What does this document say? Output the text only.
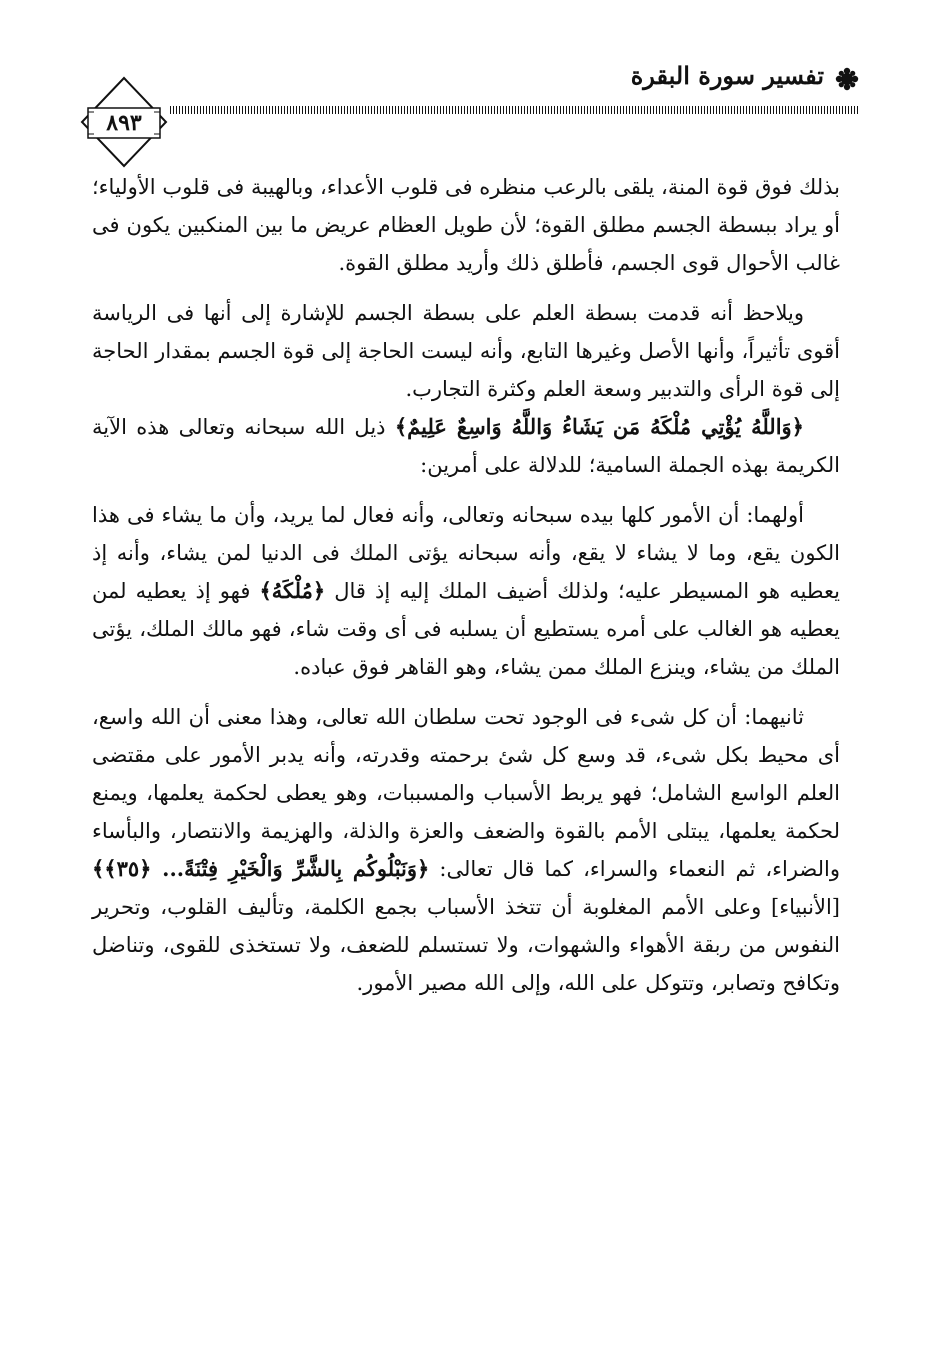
تفسير سورة البقرة
٨٩٣

بذلك فوق قوة المنة، يلقى بالرعب منظره فى قلوب الأعداء، وبالهيبة فى قلوب الأولياء؛ أو يراد ببسطة الجسم مطلق القوة؛ لأن طويل العظام عريض ما بين المنكبين يكون فى غالب الأحوال قوى الجسم، فأطلق ذلك وأريد مطلق القوة.

ويلاحظ أنه قدمت بسطة العلم على بسطة الجسم للإشارة إلى أنها فى الرياسة أقوى تأثيراً، وأنها الأصل وغيرها التابع، وأنه ليست الحاجة إلى قوة الجسم بمقدار الحاجة إلى قوة الرأى والتدبير وسعة العلم وكثرة التجارب.

﴿وَاللَّهُ يُؤْتِي مُلْكَهُ مَن يَشَاءُ وَاللَّهُ وَاسِعٌ عَلِيمٌ﴾ ذيل الله سبحانه وتعالى هذه الآية الكريمة بهذه الجملة السامية؛ للدلالة على أمرين:

أولهما: أن الأمور كلها بيده سبحانه وتعالى، وأنه فعال لما يريد، وأن ما يشاء فى هذا الكون يقع، وما لا يشاء لا يقع، وأنه سبحانه يؤتى الملك فى الدنيا لمن يشاء، وأنه إذ يعطيه هو المسيطر عليه؛ ولذلك أضيف الملك إليه إذ قال ﴿مُلْكَهُ﴾ فهو إذ يعطيه لمن يعطيه هو الغالب على أمره يستطيع أن يسلبه فى أى وقت شاء، فهو مالك الملك، يؤتى الملك من يشاء، وينزع الملك ممن يشاء، وهو القاهر فوق عباده.

ثانيهما: أن كل شىء فى الوجود تحت سلطان الله تعالى، وهذا معنى أن الله واسع، أى محيط بكل شىء، قد وسع كل شئ برحمته وقدرته، وأنه يدبر الأمور على مقتضى العلم الواسع الشامل؛ فهو يربط الأسباب والمسببات، وهو يعطى لحكمة يعلمها، ويمنع لحكمة يعلمها، يبتلى الأمم بالقوة والضعف والعزة والذلة، والهزيمة والانتصار، والبأساء والضراء، ثم النعماء والسراء، كما قال تعالى: ﴿وَنَبْلُوكُم بِالشَّرِّ وَالْخَيْرِ فِتْنَةً... ﴿٣٥﴾﴾ [الأنبياء] وعلى الأمم المغلوبة أن تتخذ الأسباب بجمع الكلمة، وتأليف القلوب، وتحرير النفوس من ربقة الأهواء والشهوات، ولا تستسلم للضعف، ولا تستخذى للقوى، وتناضل وتكافح وتصابر، وتتوكل على الله، وإلى الله مصير الأمور.
